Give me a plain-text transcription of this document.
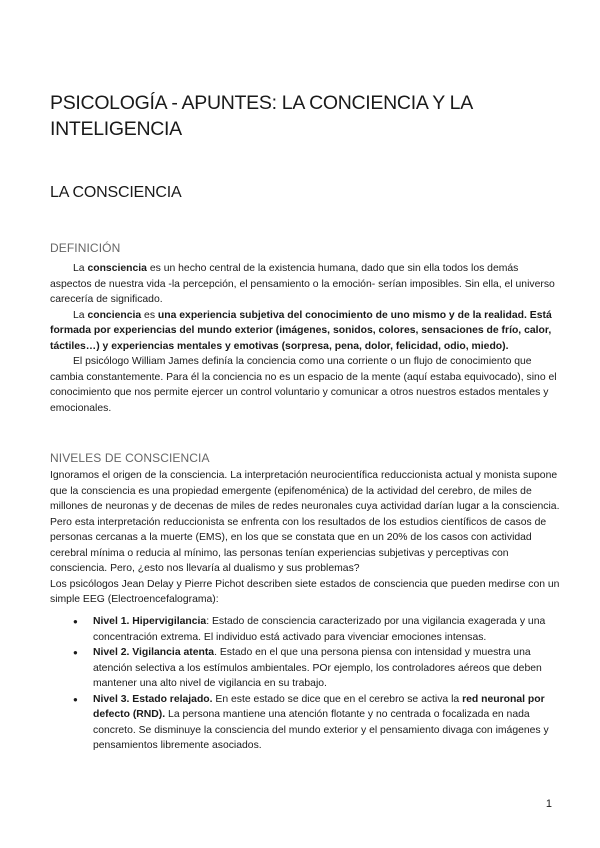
PSICOLOGÍA - APUNTES: LA CONCIENCIA Y LA INTELIGENCIA
LA CONSCIENCIA
DEFINICIÓN

La consciencia es un hecho central de la existencia humana, dado que sin ella todos los demás aspectos de nuestra vida -la percepción, el pensamiento o la emoción- serían imposibles. Sin ella, el universo carecería de significado.

La conciencia es una experiencia subjetiva del conocimiento de uno mismo y de la realidad. Está formada por experiencias del mundo exterior (imágenes, sonidos, colores, sensaciones de frío, calor, táctiles…) y experiencias mentales y emotivas (sorpresa, pena, dolor, felicidad, odio, miedo).

El psicólogo William James definía la conciencia como una corriente o un flujo de conocimiento que cambia constantemente. Para él la conciencia no es un espacio de la mente (aquí estaba equivocado), sino el conocimiento que nos permite ejercer un control voluntario y comunicar a otros nuestros estados mentales y emocionales.

NIVELES DE CONSCIENCIA

Ignoramos el origen de la consciencia. La interpretación neurocientífica reduccionista actual y monista supone que la consciencia es una propiedad emergente (epifenoménica) de la actividad del cerebro, de miles de millones de neuronas y de decenas de miles de redes neuronales cuya actividad darían lugar a la consciencia. Pero esta interpretación reduccionista se enfrenta con los resultados de los estudios científicos de casos de personas cercanas a la muerte (EMS), en los que se constata que en un 20% de los casos con actividad cerebral mínima o reducia al mínimo, las personas tenían experiencias subjetivas y perceptivas con consciencia. Pero, ¿esto nos llevaría al dualismo y sus problemas?

Los psicólogos Jean Delay y Pierre Pichot describen siete estados de consciencia que pueden medirse con un simple EEG (Electroencefalograma):

● Nivel 1. Hipervigilancia: Estado de consciencia caracterizado por una vigilancia exagerada y una concentración extrema. El individuo está activado para vivenciar emociones intensas.
● Nivel 2. Vigilancia atenta. Estado en el que una persona piensa con intensidad y muestra una atención selectiva a los estímulos ambientales. POr ejemplo, los controladores aéreos que deben mantener una alto nivel de vigilancia en su trabajo.
● Nivel 3. Estado relajado. En este estado se dice que en el cerebro se activa la red neuronal por defecto (RND). La persona mantiene una atención flotante y no centrada o focalizada en nada concreto. Se disminuye la consciencia del mundo exterior y el pensamiento divaga con imágenes y pensamientos libremente asociados.
1
